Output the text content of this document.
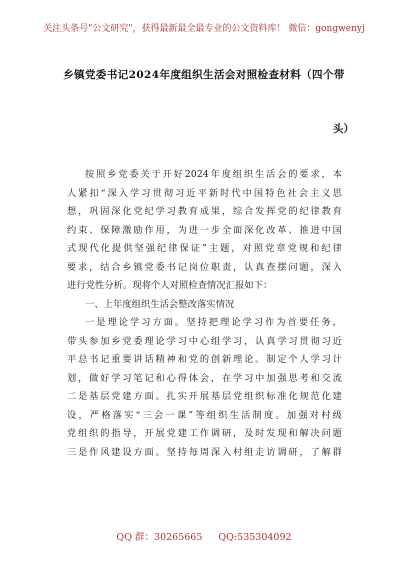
关注头条号"公文研究"，获得最新最全最专业的公文资料库！ 微信：gongwenyj
乡镇党委书记2024年度组织生活会对照检查材料（四个带
头）
按照乡党委关于开好2024年度组织生活会的要求，本
人紧扣“深入学习贯彻习近平新时代中国特色社会主义思
想，巩固深化党纪学习教育成果，综合发挥党的纪律教育
约束、保障激励作用，为进一步全面深化改革、推进中国
式现代化提供坚强纪律保证”主题，对照党章党规和纪律
要求，结合乡镇党委书记岗位职责，认真查摆问题，深入
进行党性分析。现将个人对照检查情况汇报如下：
一、上年度组织生活会整改落实情况
一是理论学习方面。坚持把理论学习作为首要任务，
带头参加乡党委理论学习中心组学习，认真学习贯彻习近
平总书记重要讲话精神和党的创新理论。制定个人学习计
划，做好学习笔记和心得体会，在学习中加强思考和交流
二是基层党建方面。扎实开展基层党组织标准化规范化建
设，严格落实“三会一课”等组织生活制度。加强对村级
党组织的指导，开展党建工作调研，及时发现和解决问题
三是作风建设方面。坚持每周深入村组走访调研，了解群
QQ 群：30265665 QQ:535304092
